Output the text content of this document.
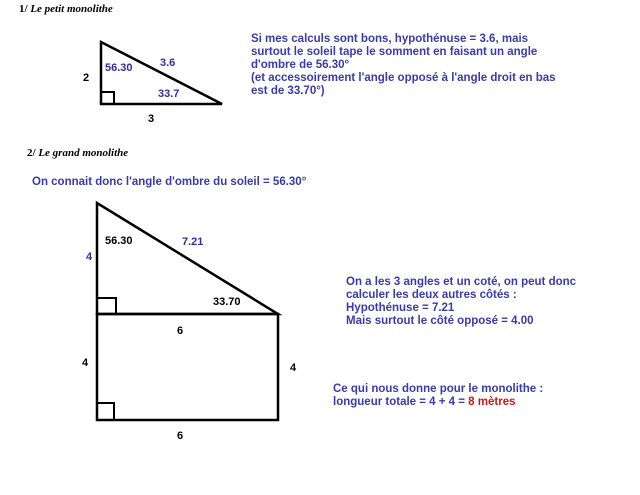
1/ Le petit monolithe
2/ Le grand monolithe
Si mes calculs sont bons, hypothénuse = 3.6, mais
surtout le soleil tape le somment en faisant un angle
d'ombre de 56.30°
(et accessoirement l'angle opposé à l'angle droit en bas
est de 33.70°)
On connait donc l'angle d'ombre du soleil = 56.30°
On a les 3 angles et un coté, on peut donc
calculer les deux autres côtés :
Hypothénuse = 7.21
Mais surtout le côté opposé = 4.00
Ce qui nous donne pour le monolithe :
longueur totale = 4 + 4 = 8 mètres
2
3
3.6
56.30
33.7
4
7.21
56.30
33.70
6
4	4
6
